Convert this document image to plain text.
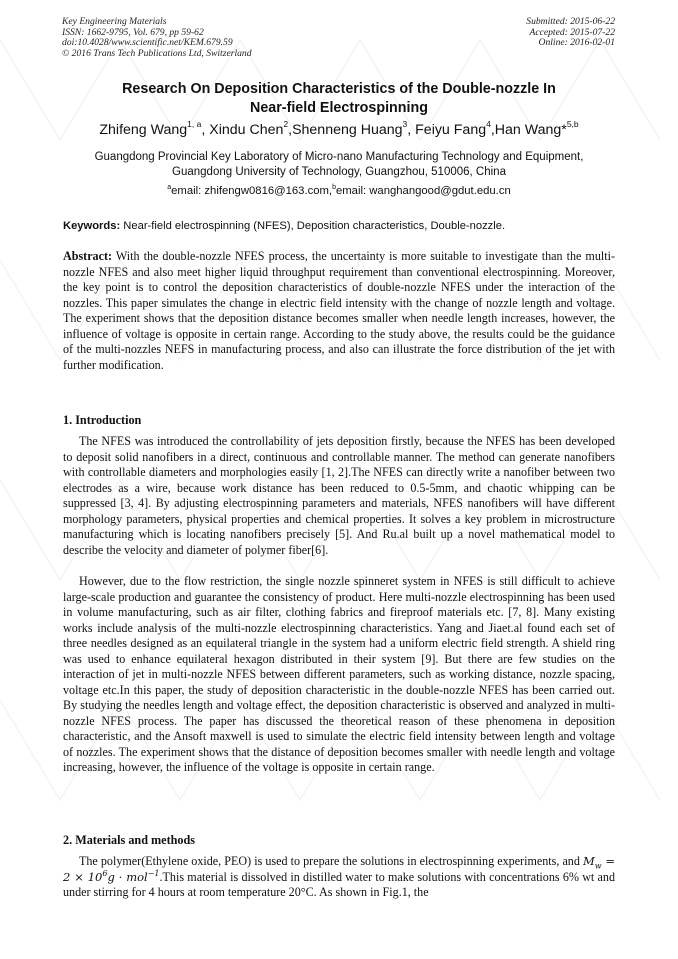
Key Engineering Materials
ISSN: 1662-9795, Vol. 679, pp 59-62
doi:10.4028/www.scientific.net/KEM.679.59
© 2016 Trans Tech Publications Ltd, Switzerland
Submitted: 2015-06-22
Accepted: 2015-07-22
Online: 2016-02-01
Research On Deposition Characteristics of the Double-nozzle In
Near-field Electrospinning
Zhifeng Wang$^{1, a}$, Xindu Chen$^2$,Shenneng Huang$^3$, Feiyu Fang$^4$,Han Wang*$^{5,b}$
Guangdong Provincial Key Laboratory of Micro-nano Manufacturing Technology and Equipment,
Guangdong University of Technology, Guangzhou, 510006, China
$^a$email: zhifengw0816@163.com,$^b$email: wanghangood@gdut.edu.cn
Keywords: Near-field electrospinning (NFES), Deposition characteristics, Double-nozzle.
Abstract: With the double-nozzle NFES process, the uncertainty is more suitable to investigate than the multi-nozzle NFES and also meet higher liquid throughput requirement than conventional electrospinning. Moreover, the key point is to control the deposition characteristics of double-nozzle NFES under the interaction of the nozzles. This paper simulates the change in electric field intensity with the change of nozzle length and voltage. The experiment shows that the deposition distance becomes smaller when needle length increases, however, the influence of voltage is opposite in certain range. According to the study above, the results could be the guidance of the multi-nozzles NEFS in manufacturing process, and also can illustrate the force distribution of the jet with further modification.
1. Introduction
The NFES was introduced the controllability of jets deposition firstly, because the NFES has been developed to deposit solid nanofibers in a direct, continuous and controllable manner. The method can generate nanofibers with controllable diameters and morphologies easily [1, 2].The NFES can directly write a nanofiber between two electrodes as a wire, because work distance has been reduced to 0.5-5mm, and chaotic whipping can be suppressed [3, 4]. By adjusting electrospinning parameters and materials, NFES nanofibers will have different morphology parameters, physical properties and chemical properties. It solves a key problem in microstructure manufacturing which is locating nanofibers precisely [5]. And Ru.al built up a novel mathematical model to describe the velocity and diameter of polymer fiber[6].
However, due to the flow restriction, the single nozzle spinneret system in NFES is still difficult to achieve large-scale production and guarantee the consistency of product. Here multi-nozzle electrospinning has been used in volume manufacturing, such as air filter, clothing fabrics and fireproof materials etc. [7, 8]. Many existing works include analysis of the multi-nozzle electrospinning characteristics. Yang and Jiaet.al found each set of three needles designed as an equilateral triangle in the system had a uniform electric field strength. A shield ring was used to enhance equilateral hexagon distributed in their system [9]. But there are few studies on the interaction of jet in multi-nozzle NFES between different parameters, such as working distance, nozzle spacing, voltage etc.In this paper, the study of deposition characteristic in the double-nozzle NFES has been carried out. By studying the needles length and voltage effect, the deposition characteristic is observed and analyzed in multi-nozzle NFES process. The paper has discussed the theoretical reason of these phenomena in deposition characteristic, and the Ansoft maxwell is used to simulate the electric field intensity between length and voltage of nozzles. The experiment shows that the distance of deposition becomes smaller with needle length and voltage increasing, however, the influence of the voltage is opposite in certain range.
2. Materials and methods
The polymer(Ethylene oxide, PEO) is used to prepare the solutions in electrospinning experiments, and $M_w = 2 \times 10^6g$ · mol$^{-1}$.This material is dissolved in distilled water to make solutions with concentrations 6% wt and under stirring for 4 hours at room temperature 20°C. As shown in Fig.1, the
